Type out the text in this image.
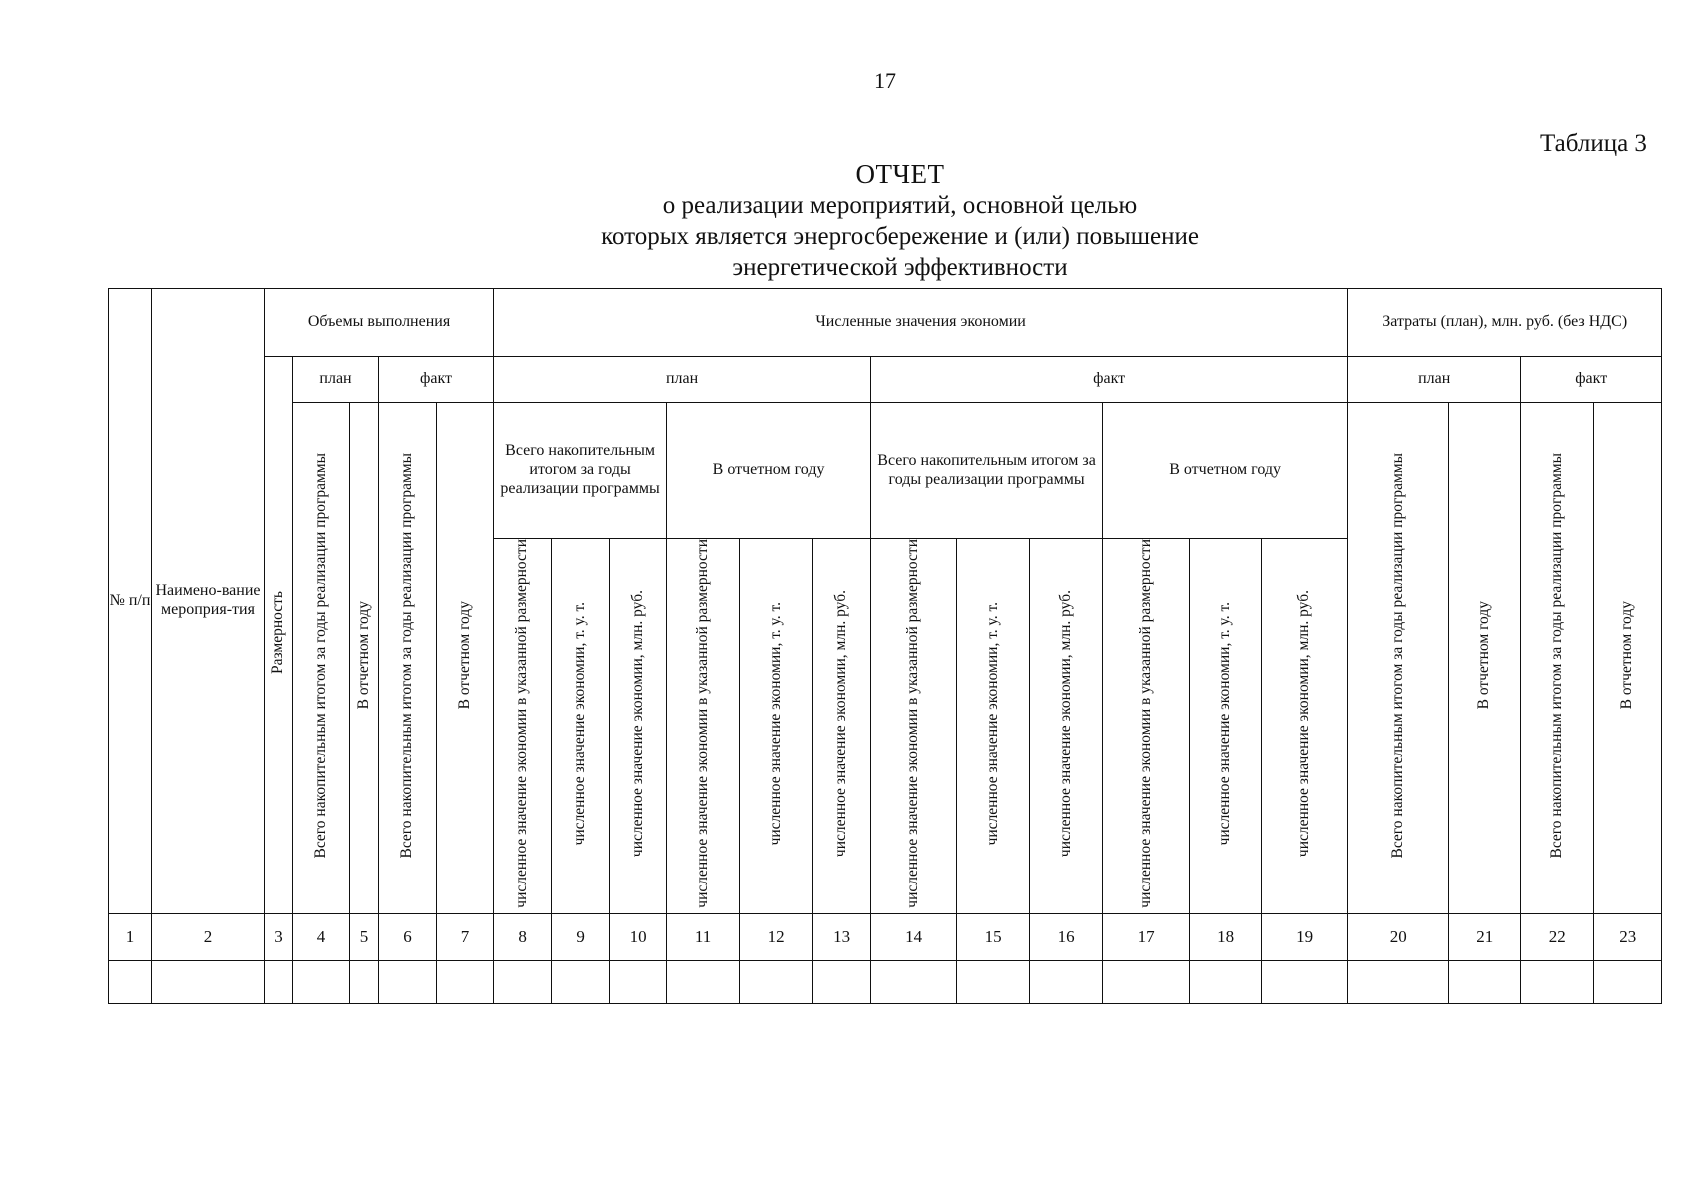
17
Таблица 3
ОТЧЕТ
о реализации мероприятий, основной целью
которых является энергосбережение и (или) повышение
энергетической эффективности
№ п/п	Наимено-вание мероприя-тия	Объемы выполнения					Численные значения экономии												Затраты (план), млн. руб. (без НДС)			
		Размерность	план		факт		план						факт						план		факт	
			Всего накопительным итогом за годы реализации программы	В отчетном году	Всего накопительным итогом за годы реализации программы	В отчетном году	Всего накопительным итогом за годы реализации программы			В отчетном году			Всего накопительным итогом за годы реализации программы			В отчетном году			Всего накопительным итогом за годы реализации программы	В отчетном году	Всего накопительным итогом за годы реализации программы	В отчетном году
							численное значение экономии в указанной размерности	численное значение экономии, т. у. т.	численное значение экономии, млн. руб.	численное значение экономии в указанной размерности	численное значение экономии, т. у. т.	численное значение экономии, млн. руб.	численное значение экономии в указанной размерности	численное значение экономии, т. у. т.	численное значение экономии, млн. руб.	численное значение экономии в указанной размерности	численное значение экономии, т. у. т.	численное значение экономии, млн. руб.				
1	2	3	4	5	6	7	8	9	10	11	12	13	14	15	16	17	18	19	20	21	22	23
